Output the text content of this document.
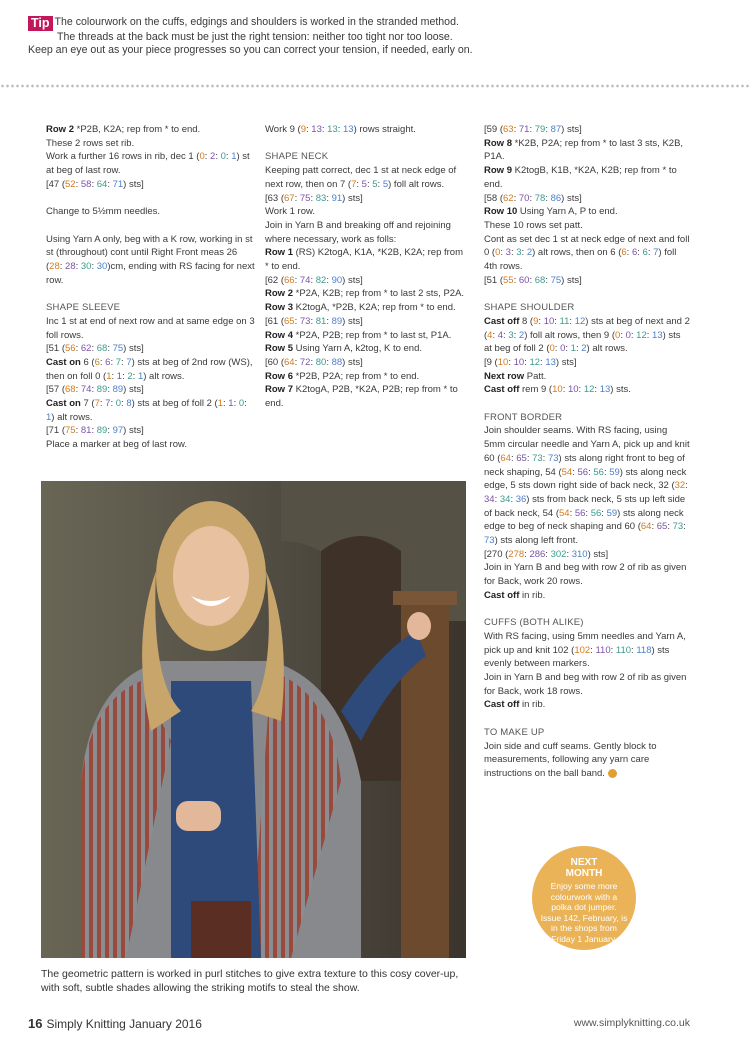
Tip The colourwork on the cuffs, edgings and shoulders is worked in the stranded method.
The threads at the back must be just the right tension: neither too tight nor too loose.
Keep an eye out as your piece progresses so you can correct your tension, if needed, early on.

Row 2 *P2B, K2A; rep from * to end.

These 2 rows set rib.

Work a further 16 rows in rib, dec 1 (0: 2: 0: 1) st at beg of last row.

[47 (52: 58: 64: 71) sts]

Change to 5½mm needles.

Using Yarn A only, beg with a K row, working in st st (throughout) cont until Right Front meas 26 (28: 28: 30: 30)cm, ending with RS facing for next row.

SHAPE SLEEVE

Inc 1 st at end of next row and at same edge on 3 foll rows.

[51 (56: 62: 68: 75) sts]

Cast on 6 (6: 6: 7: 7) sts at beg of 2nd row (WS), then on foll 0 (1: 1: 2: 1) alt rows.

[57 (68: 74: 89: 89) sts]

Cast on 7 (7: 7: 0: 8) sts at beg of foll 2 (1: 1: 0: 1) alt rows.

[71 (75: 81: 89: 97) sts]

Place a marker at beg of last row.

Work 9 (9: 13: 13: 13) rows straight.

SHAPE NECK

Keeping patt correct, dec 1 st at neck edge of next row, then on 7 (7: 5: 5: 5) foll alt rows.

[63 (67: 75: 83: 91) sts]

Work 1 row.

Join in Yarn B and breaking off and rejoining where necessary, work as folls:

Row 1 (RS) K2togA, K1A, *K2B, K2A; rep from * to end.

[62 (66: 74: 82: 90) sts]

Row 2 *P2A, K2B; rep from * to last 2 sts, P2A.

Row 3 K2togA, *P2B, K2A; rep from * to end.

[61 (65: 73: 81: 89) sts]

Row 4 *P2A, P2B; rep from * to last st, P1A.

Row 5 Using Yarn A, k2tog, K to end.

[60 (64: 72: 80: 88) sts]

Row 6 *P2B, P2A; rep from * to end.

Row 7 K2togA, P2B, *K2A, P2B; rep from * to end.

[59 (63: 71: 79: 87) sts]

Row 8 *K2B, P2A; rep from * to last 3 sts, K2B, P1A.

Row 9 K2togB, K1B, *K2A, K2B; rep from * to end.

[58 (62: 70: 78: 86) sts]

Row 10 Using Yarn A, P to end.

These 10 rows set patt.

Cont as set dec 1 st at neck edge of next and foll 0 (0: 3: 3: 2) alt rows, then on 6 (6: 6: 6: 7) foll 4th rows.

[51 (55: 60: 68: 75) sts]

SHAPE SHOULDER

Cast off 8 (9: 10: 11: 12) sts at beg of next and 2 (4: 4: 3: 2) foll alt rows, then 9 (0: 0: 12: 13) sts at beg of foll 2 (0: 0: 1: 2) alt rows.

[9 (10: 10: 12: 13) sts]

Next row Patt.

Cast off rem 9 (10: 10: 12: 13) sts.

FRONT BORDER

Join shoulder seams. With RS facing, using 5mm circular needle and Yarn A, pick up and knit 60 (64: 65: 73: 73) sts along right front to beg of neck shaping, 54 (54: 56: 56: 59) sts along neck edge, 5 sts down right side of back neck, 32 (32: 34: 34: 36) sts from back neck, 5 sts up left side of back neck, 54 (54: 56: 56: 59) sts along neck edge to beg of neck shaping and 60 (64: 65: 73: 73) sts along left front.

[270 (278: 286: 302: 310) sts]

Join in Yarn B and beg with row 2 of rib as given for Back, work 20 rows.

Cast off in rib.

CUFFS (BOTH ALIKE)

With RS facing, using 5mm needles and Yarn A, pick up and knit 102 (102: 110: 110: 118) sts evenly between markers.

Join in Yarn B and beg with row 2 of rib as given for Back, work 18 rows.

Cast off in rib.

TO MAKE UP

Join side and cuff seams. Gently block to measurements, following any yarn care instructions on the ball band.

The geometric pattern is worked in purl stitches to give extra texture to this cosy cover-up, with soft, subtle shades allowing the striking motifs to steal the show.
NEXT
MONTH
Enjoy some more colourwork with a polka dot jumper. Issue 142, February, is in the shops from Friday 1 January.
16 Simply Knitting January 2016	www.simplyknitting.co.uk
